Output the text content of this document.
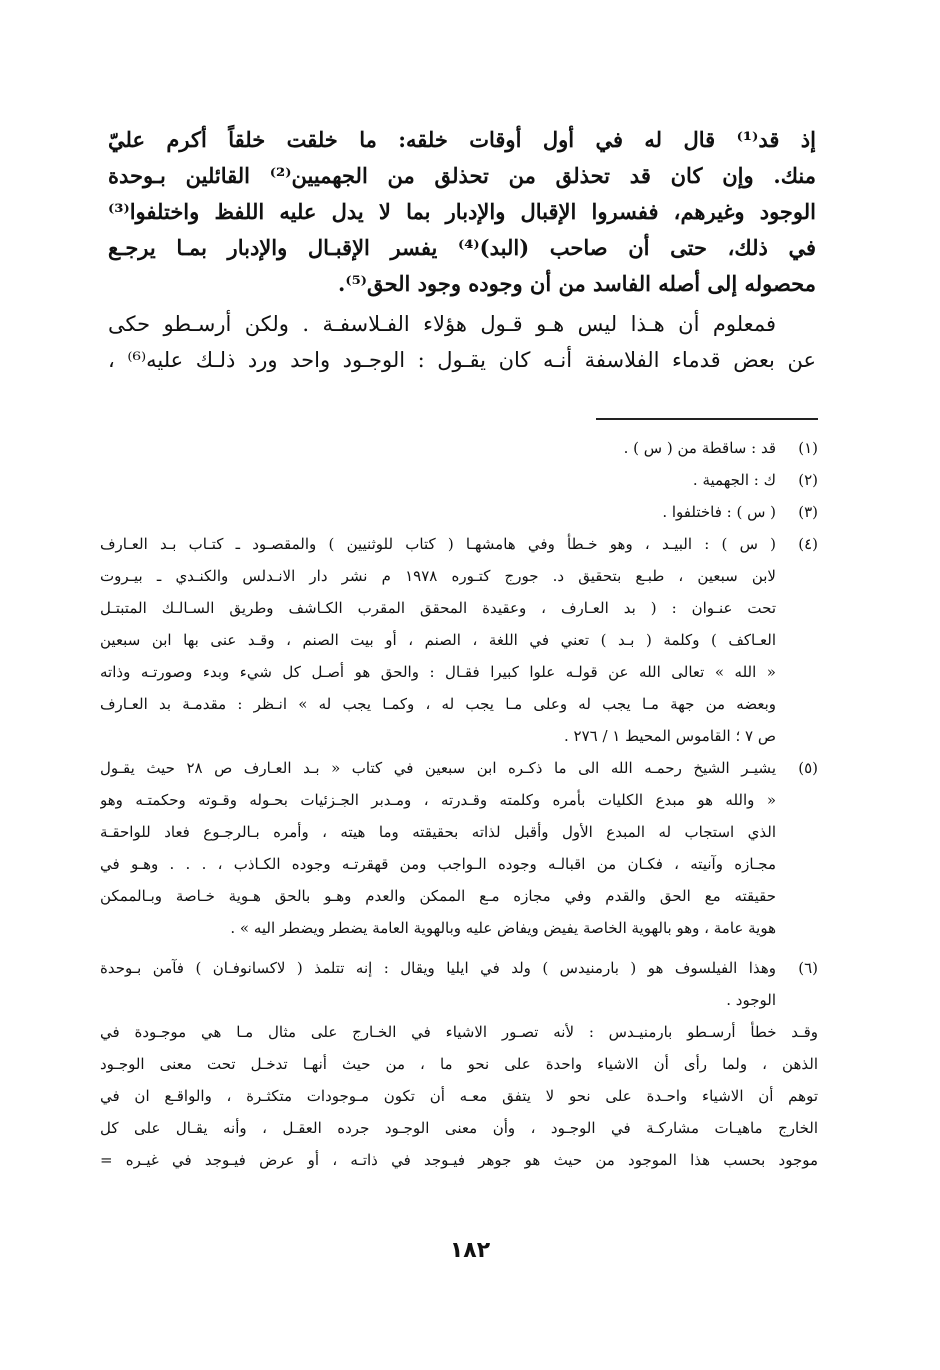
إذ قد⁽¹⁾ قال له في أول أوقات خلقه: ما خلقت خلقاً أكرم عليّ
منك. وإن كان قد تحذلق من تحذلق من الجهميين⁽²⁾ القائلين بـوحدة
الوجود وغيرهم، ففسروا الإقبال والإدبار بما لا يدل عليه اللفظ واختلفوا⁽³⁾
في ذلك، حتى أن صاحب (البد)⁽⁴⁾ يفسر الإقبـال والإدبار بمـا يرجـع
محصوله إلى أصله الفاسد من أن وجوده وجود الحق⁽⁵⁾.

فمعلوم أن هـذا ليس هـو قـول هؤلاء الفـلاسفـة . ولكن أرسـطو حكى
عن بعض قدماء الفلاسفة أنـه كان يقـول : الوجـود واحد ورد ذلـك عليه⁽⁶⁾ ،

(١)
قد : ساقطة من ( س ) .
(٢)
ك : الجهمية .
(٣)
( س ) : فاختلفوا .
(٤)
( س ) : البيـد ، وهو خـطأ وفي هامشهـا ( كتاب للوثنيين ) والمقصـود ـ كتـاب بـد العـارف
لابن سبعين ، طبـع بتحقيق د. جورج كتـوره ١٩٧٨ م نشر دار الانـدلس والكنـدي ـ بيـروت
تحت عنـوان : ( بد العـارف ، وعقيدة المحقق المقرب الكـاشف وطريق السـالـك المتبتـل
العـاكف ) وكلمة ( بـد ) تعني في اللغة ، الصنم ، أو بيت الصنم ، وقـد عنى بها ابن سبعين
« الله » تعالى الله عن قولـه علوا كبيرا فقـال : والحق هو أصـل كل شيء وبدء وصورتـه وذاته
وبعضه من جهة مـا يجب له وعلى مـا يجب له ، وكمـا يجب له » انـظر : مقدمـة بد العـارف
ص ٧ ؛ القاموس المحيط ١ / ٢٧٦ .
(٥)
يشيـر الشيخ رحمـه الله الى ما ذكـره ابن سبعين في كتاب « بـد العـارف ص ٢٨ حيث يقـول
« والله هو مبدع الكليات بأمره وكلمته وقـدرته ، ومـدبر الجـزئيات بحـوله وقـوته وحكمتـه وهو
الذي استجاب له المبدع الأول وأقبل لذاته بحقيقته وما هيته ، وأمره بـالرجـوع فعاد للواحقـة
مجـازه وآنيته ، فكـان من اقبالـه وجوده الـواجب ومن قهقرتـه وجوده الكـاذب ، . . . وهـو في
حقيقته مع الحق والقدم وفي مجازه مـع الممكن والعدم وهـو بالحق هـوية خـاصة وبـالممكن
هوية عامة ، وهو بالهوية الخاصة يفيض ويفاض عليه وبالهوية العامة يضطر ويضطر اليه » .
(٦)
وهذا الفيلسوف هو ( بارمنيدس ) ولد في ايليا ويقال : إنه تتلمذ ( لاكسانوفـان ) فآمن بـوحدة
الوجود .
وقـد خطأ أرسـطو بارمنيـدس : لأنه تصـور الاشياء في الخـارج على مثال مـا هي موجـودة في
الذهن ، ولما رأى أن الاشياء واحدة على نحو ما ، من حيث أنهـا تدخـل تحت معنى الوجـود
توهم أن الاشياء واحـدة على نحو لا يتفق معـه أن تكون مـوجودات متكثـرة ، والواقـع ان في
الخارج ماهيـات مشاركـة في الوجـود ، وأن معنى الوجـود جرده العقـل ، وأنه يقـال على كل
موجود بحسب هذا الموجود من حيث هو جوهر فيـوجد في ذاتـه ، أو عرض فيـوجد في غيـره =
١٨٢
